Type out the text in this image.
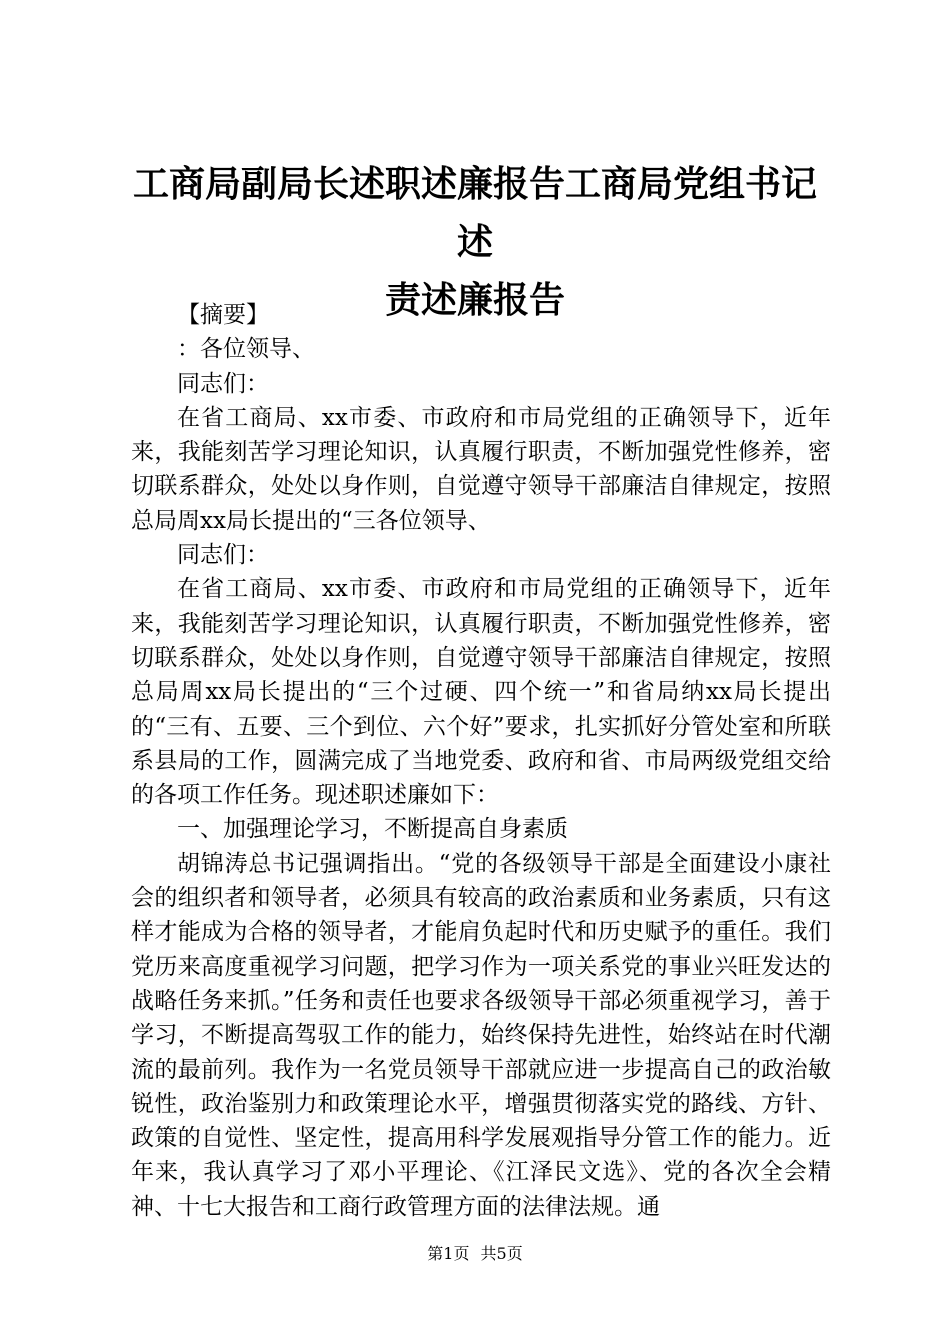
工商局副局长述职述廉报告工商局党组书记述
责述廉报告

【摘要】

：各位领导、

同志们：

在省工商局、xx市委、市政府和市局党组的正确领导下，近年来，我能刻苦学习理论知识，认真履行职责，不断加强党性修养，密切联系群众，处处以身作则，自觉遵守领导干部廉洁自律规定，按照总局周xx局长提出的“三各位领导、

同志们：

在省工商局、xx市委、市政府和市局党组的正确领导下，近年来，我能刻苦学习理论知识，认真履行职责，不断加强党性修养，密切联系群众，处处以身作则，自觉遵守领导干部廉洁自律规定，按照总局周xx局长提出的“三个过硬、四个统一”和省局纳xx局长提出的“三有、五要、三个到位、六个好”要求，扎实抓好分管处室和所联系县局的工作，圆满完成了当地党委、政府和省、市局两级党组交给的各项工作任务。现述职述廉如下：

一、加强理论学习，不断提高自身素质

胡锦涛总书记强调指出。“党的各级领导干部是全面建设小康社会的组织者和领导者，必须具有较高的政治素质和业务素质，只有这样才能成为合格的领导者，才能肩负起时代和历史赋予的重任。我们党历来高度重视学习问题，把学习作为一项关系党的事业兴旺发达的战略任务来抓。”任务和责任也要求各级领导干部必须重视学习，善于学习，不断提高驾驭工作的能力，始终保持先进性，始终站在时代潮流的最前列。我作为一名党员领导干部就应进一步提高自己的政治敏锐性，政治鉴别力和政策理论水平，增强贯彻落实党的路线、方针、政策的自觉性、坚定性，提高用科学发展观指导分管工作的能力。近年来，我认真学习了邓小平理论、《江泽民文选》、党的各次全会精神、十七大报告和工商行政管理方面的法律法规。通

第1页 共5页
